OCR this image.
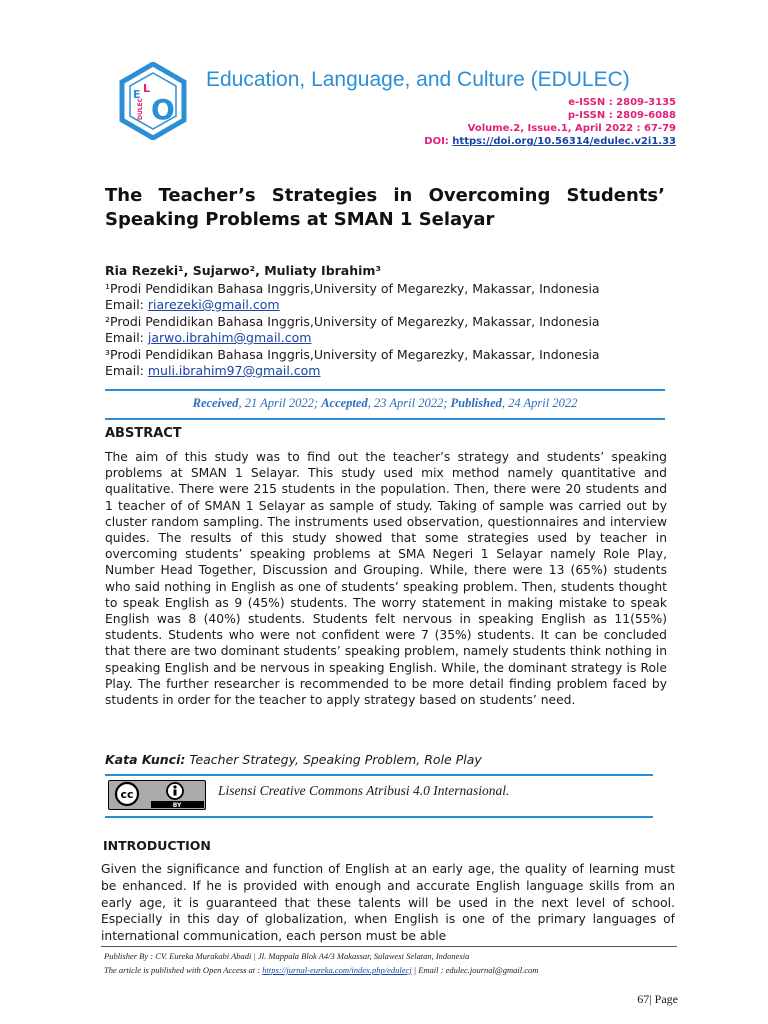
E L
DULEC O
Education, Language, and Culture (EDULEC)
e-ISSN : 2809-3135
p-ISSN : 2809-6088
Volume.2, Issue.1, April 2022 : 67-79
DOI: https://doi.org/10.56314/edulec.v2i1.33
The Teacher’s Strategies in Overcoming Students’ Speaking Problems at SMAN 1 Selayar
Ria Rezeki¹, Sujarwo², Muliaty Ibrahim³
¹Prodi Pendidikan Bahasa Inggris,University of Megarezky, Makassar, Indonesia
Email: riarezeki@gmail.com
²Prodi Pendidikan Bahasa Inggris,University of Megarezky, Makassar, Indonesia
Email: jarwo.ibrahim@gmail.com
³Prodi Pendidikan Bahasa Inggris,University of Megarezky, Makassar, Indonesia
Email: muli.ibrahim97@gmail.com
Received, 21 April 2022; Accepted, 23 April 2022; Published, 24 April 2022
ABSTRACT
The aim of this study was to find out the teacher’s strategy and students’ speaking problems at SMAN 1 Selayar. This study used mix method namely quantitative and qualitative. There were 215 students in the population. Then, there were 20 students and 1 teacher of of SMAN 1 Selayar as sample of study. Taking of sample was carried out by cluster random sampling. The instruments used observation, questionnaires and interview quides. The results of this study showed that some strategies used by teacher in overcoming students’ speaking problems at SMA Negeri 1 Selayar namely Role Play, Number Head Together, Discussion and Grouping. While, there were 13 (65%) students who said nothing in English as one of students’ speaking problem. Then, students thought to speak English as 9 (45%) students. The worry statement in making mistake to speak English was 8 (40%) students. Students felt nervous in speaking English as 11(55%) students. Students who were not confident were 7 (35%) students. It can be concluded that there are two dominant students’ speaking problem, namely students think nothing in speaking English and be nervous in speaking English. While, the dominant strategy is Role Play. The further researcher is recommended to be more detail finding problem faced by students in order for the teacher to apply strategy based on students’ need.
Kata Kunci: Teacher Strategy, Speaking Problem, Role Play
cc
BY
Lisensi Creative Commons Atribusi 4.0 Internasional.
INTRODUCTION
Given the significance and function of English at an early age, the quality of learning must be enhanced. If he is provided with enough and accurate English language skills from an early age, it is guaranteed that these talents will be used in the next level of school. Especially in this day of globalization, when English is one of the primary languages of international communication, each person must be able
Publisher By : CV. Eureka Murakabi Abadi | Jl. Mappala Blok A4/3 Makassar, Sulawesi Selatan, Indonesia
The article is published with Open Access at : https://jurnal-eureka.com/index.php/edulecj | Email : edulec.journal@gmail.com
67| Page
